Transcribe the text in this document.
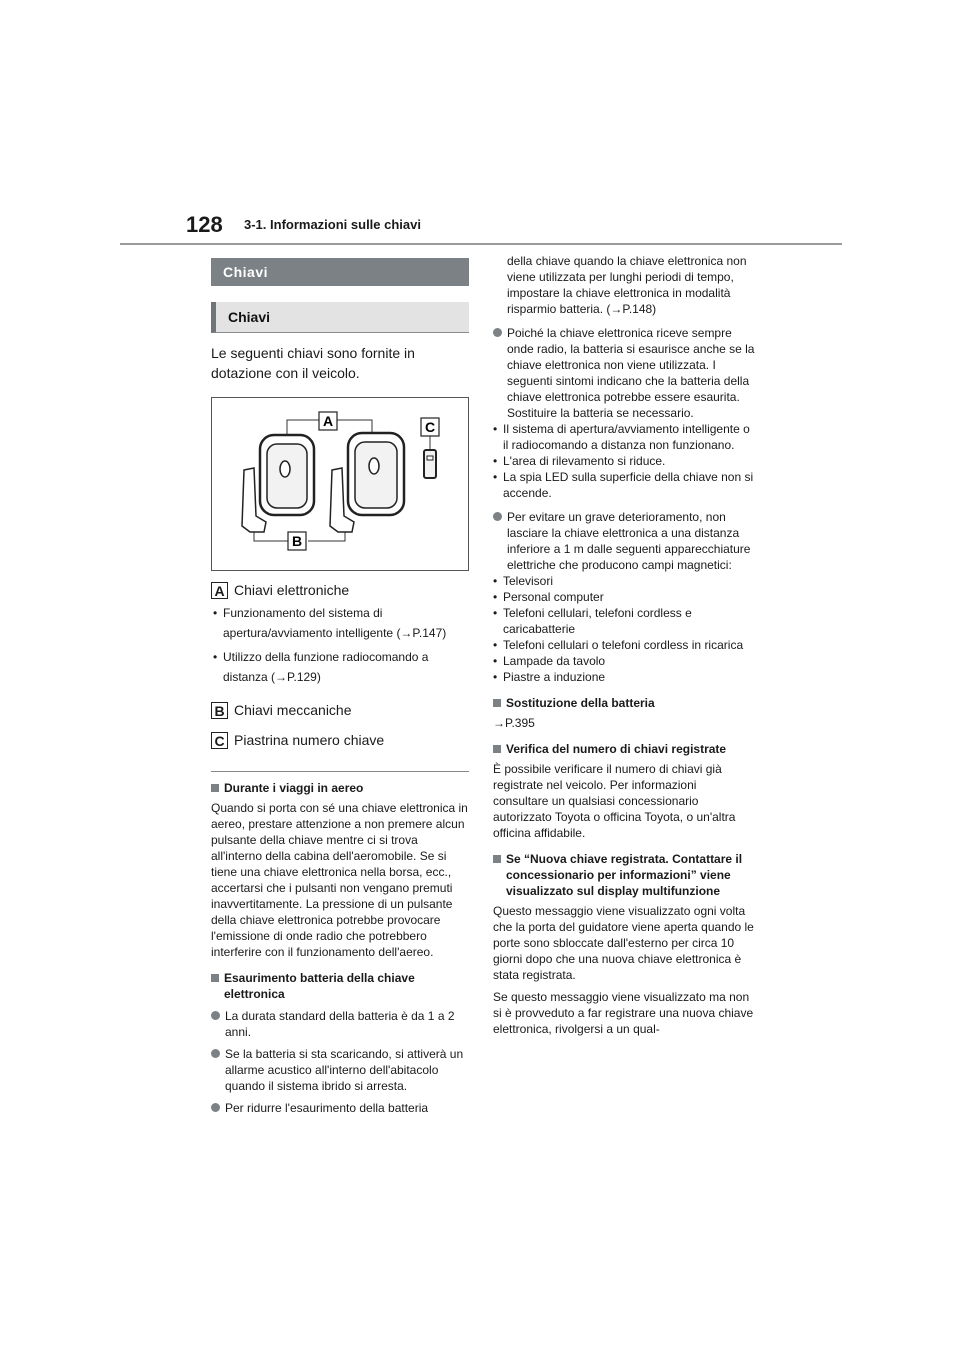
128 3-1. Informazioni sulle chiavi
Chiavi
Chiavi
Le seguenti chiavi sono fornite in dotazione con il veicolo.
A
B
C
A Chiavi elettroniche
• Funzionamento del sistema di apertura/avviamento intelligente (→P.147)
• Utilizzo della funzione radiocomando a distanza (→P.129)
B Chiavi meccaniche
C Piastrina numero chiave
Durante i viaggi in aereo
Quando si porta con sé una chiave elettronica in aereo, prestare attenzione a non premere alcun pulsante della chiave mentre ci si trova all'interno della cabina dell'aeromobile. Se si tiene una chiave elettronica nella borsa, ecc., accertarsi che i pulsanti non vengano premuti inavvertitamente. La pressione di un pulsante della chiave elettronica potrebbe provocare l'emissione di onde radio che potrebbero interferire con il funzionamento dell'aereo.
Esaurimento batteria della chiave elettronica
La durata standard della batteria è da 1 a 2 anni.
Se la batteria si sta scaricando, si attiverà un allarme acustico all'interno dell'abitacolo quando il sistema ibrido si arresta.
Per ridurre l'esaurimento della batteria
della chiave quando la chiave elettronica non viene utilizzata per lunghi periodi di tempo, impostare la chiave elettronica in modalità risparmio batteria. (→P.148)
Poiché la chiave elettronica riceve sempre onde radio, la batteria si esaurisce anche se la chiave elettronica non viene utilizzata. I seguenti sintomi indicano che la batteria della chiave elettronica potrebbe essere esaurita. Sostituire la batteria se necessario.
• Il sistema di apertura/avviamento intelligente o il radiocomando a distanza non funzionano.
• L'area di rilevamento si riduce.
• La spia LED sulla superficie della chiave non si accende.
Per evitare un grave deterioramento, non lasciare la chiave elettronica a una distanza inferiore a 1 m dalle seguenti apparecchiature elettriche che producono campi magnetici:
• Televisori
• Personal computer
• Telefoni cellulari, telefoni cordless e caricabatterie
• Telefoni cellulari o telefoni cordless in ricarica
• Lampade da tavolo
• Piastre a induzione
Sostituzione della batteria
→P.395
Verifica del numero di chiavi registrate
È possibile verificare il numero di chiavi già registrate nel veicolo. Per informazioni consultare un qualsiasi concessionario autorizzato Toyota o officina Toyota, o un'altra officina affidabile.
Se “Nuova chiave registrata. Contattare il concessionario per informazioni” viene visualizzato sul display multifunzione
Questo messaggio viene visualizzato ogni volta che la porta del guidatore viene aperta quando le porte sono sbloccate dall'esterno per circa 10 giorni dopo che una nuova chiave elettronica è stata registrata.
Se questo messaggio viene visualizzato ma non si è provveduto a far registrare una nuova chiave elettronica, rivolgersi a un qual-
